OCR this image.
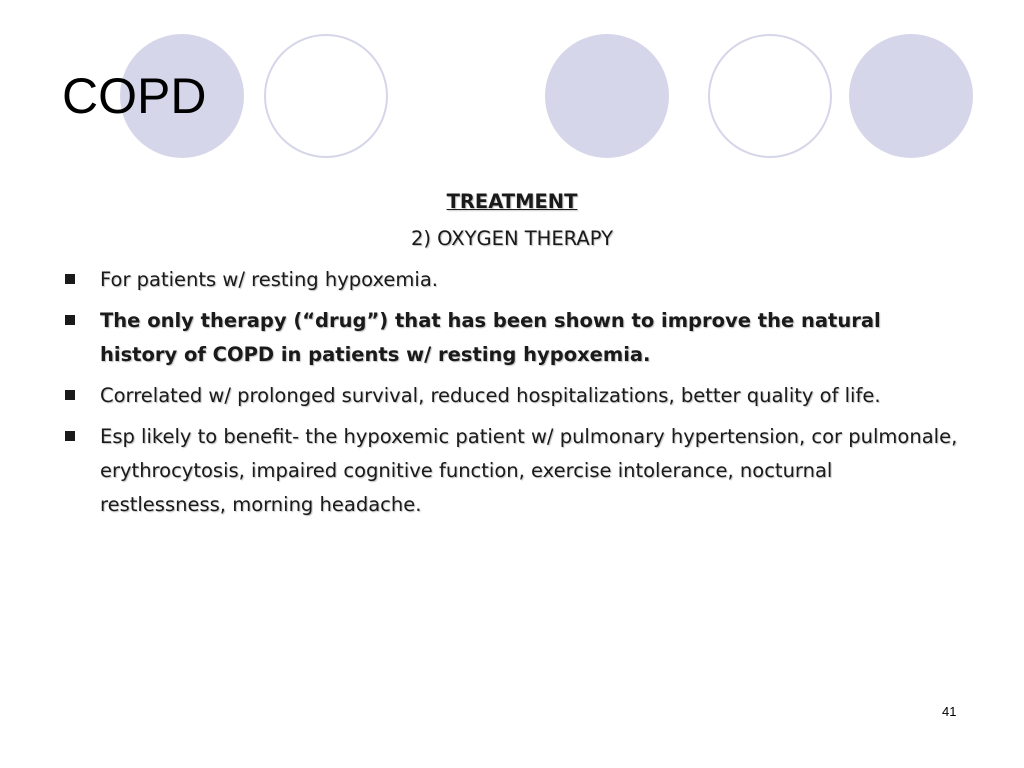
COPD

TREATMENT

2) OXYGEN THERAPY

For patients w/ resting hypoxemia.
The only therapy (“drug”) that has been shown to improve the natural history of COPD in patients w/ resting hypoxemia.
Correlated w/ prolonged survival, reduced hospitalizations, better quality of life.
Esp likely to benefit- the hypoxemic patient w/ pulmonary hypertension, cor pulmonale, erythrocytosis, impaired cognitive function, exercise intolerance, nocturnal restlessness, morning headache.
41
